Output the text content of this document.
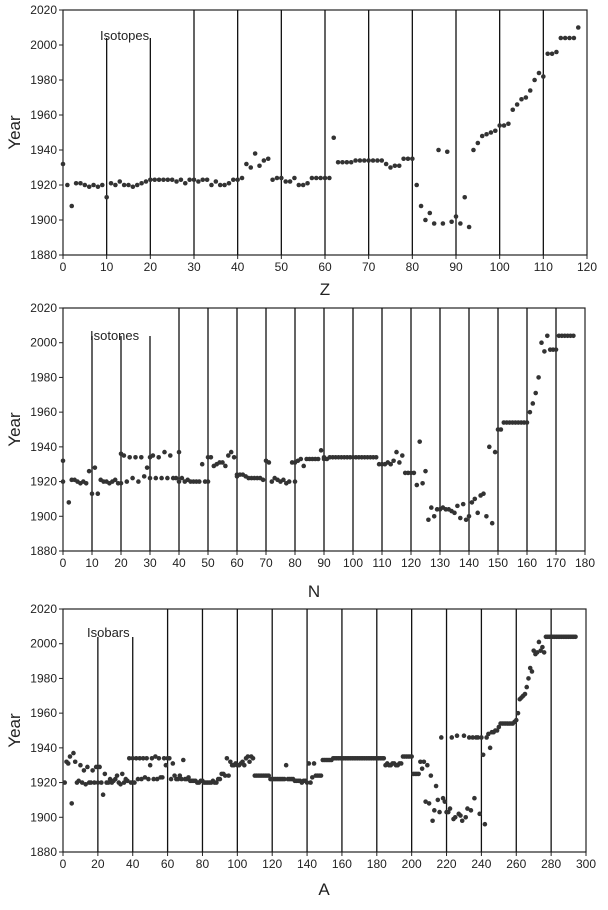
Isotopes
Year
Z
0	10	20	30	40	50	60	70	80	90 100 110 120
1880
1900
1920
1940
1960
1980
2000
2020
Isotones
Year
N
0 10 20 30 40 50 60 70 80 90 100 110 120 130 140 150 160 170 180
1880
1900
1920
1940
1960
1980
2000
2020
Isobars
Year
A
0 20 40 60 80 100 120 140 160 180 200 220 240 260 280 300
1880
1900
1920
1940
1960
1980
2000
2020
